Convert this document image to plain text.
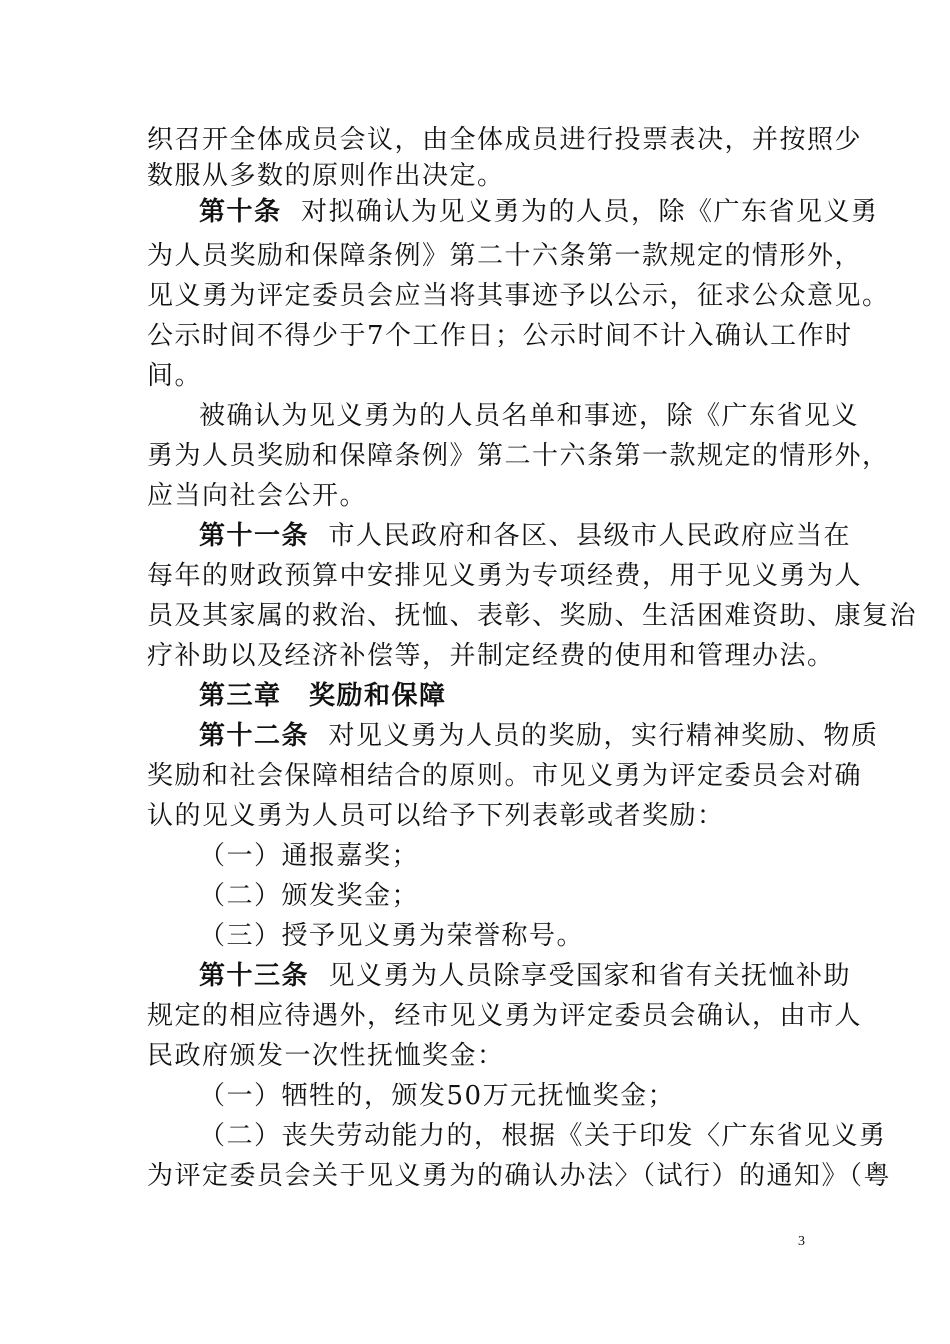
织召开全体成员会议，由全体成员进行投票表决，并按照少
数服从多数的原则作出决定。
第十条 对拟确认为见义勇为的人员，除《广东省见义勇
为人员奖励和保障条例》第二十六条第一款规定的情形外，
见义勇为评定委员会应当将其事迹予以公示，征求公众意见。
公示时间不得少于7个工作日；公示时间不计入确认工作时
间。
被确认为见义勇为的人员名单和事迹，除《广东省见义
勇为人员奖励和保障条例》第二十六条第一款规定的情形外，
应当向社会公开。
第十一条 市人民政府和各区、县级市人民政府应当在
每年的财政预算中安排见义勇为专项经费，用于见义勇为人
员及其家属的救治、抚恤、表彰、奖励、生活困难资助、康复治
疗补助以及经济补偿等，并制定经费的使用和管理办法。
第三章　奖励和保障
第十二条 对见义勇为人员的奖励，实行精神奖励、物质
奖励和社会保障相结合的原则。市见义勇为评定委员会对确
认的见义勇为人员可以给予下列表彰或者奖励：
（一）通报嘉奖；
（二）颁发奖金；
（三）授予见义勇为荣誉称号。
第十三条 见义勇为人员除享受国家和省有关抚恤补助
规定的相应待遇外，经市见义勇为评定委员会确认，由市人
民政府颁发一次性抚恤奖金：
（一）牺牲的，颁发50万元抚恤奖金；
（二）丧失劳动能力的，根据《关于印发〈广东省见义勇
为评定委员会关于见义勇为的确认办法〉（试行）的通知》（粤
3
